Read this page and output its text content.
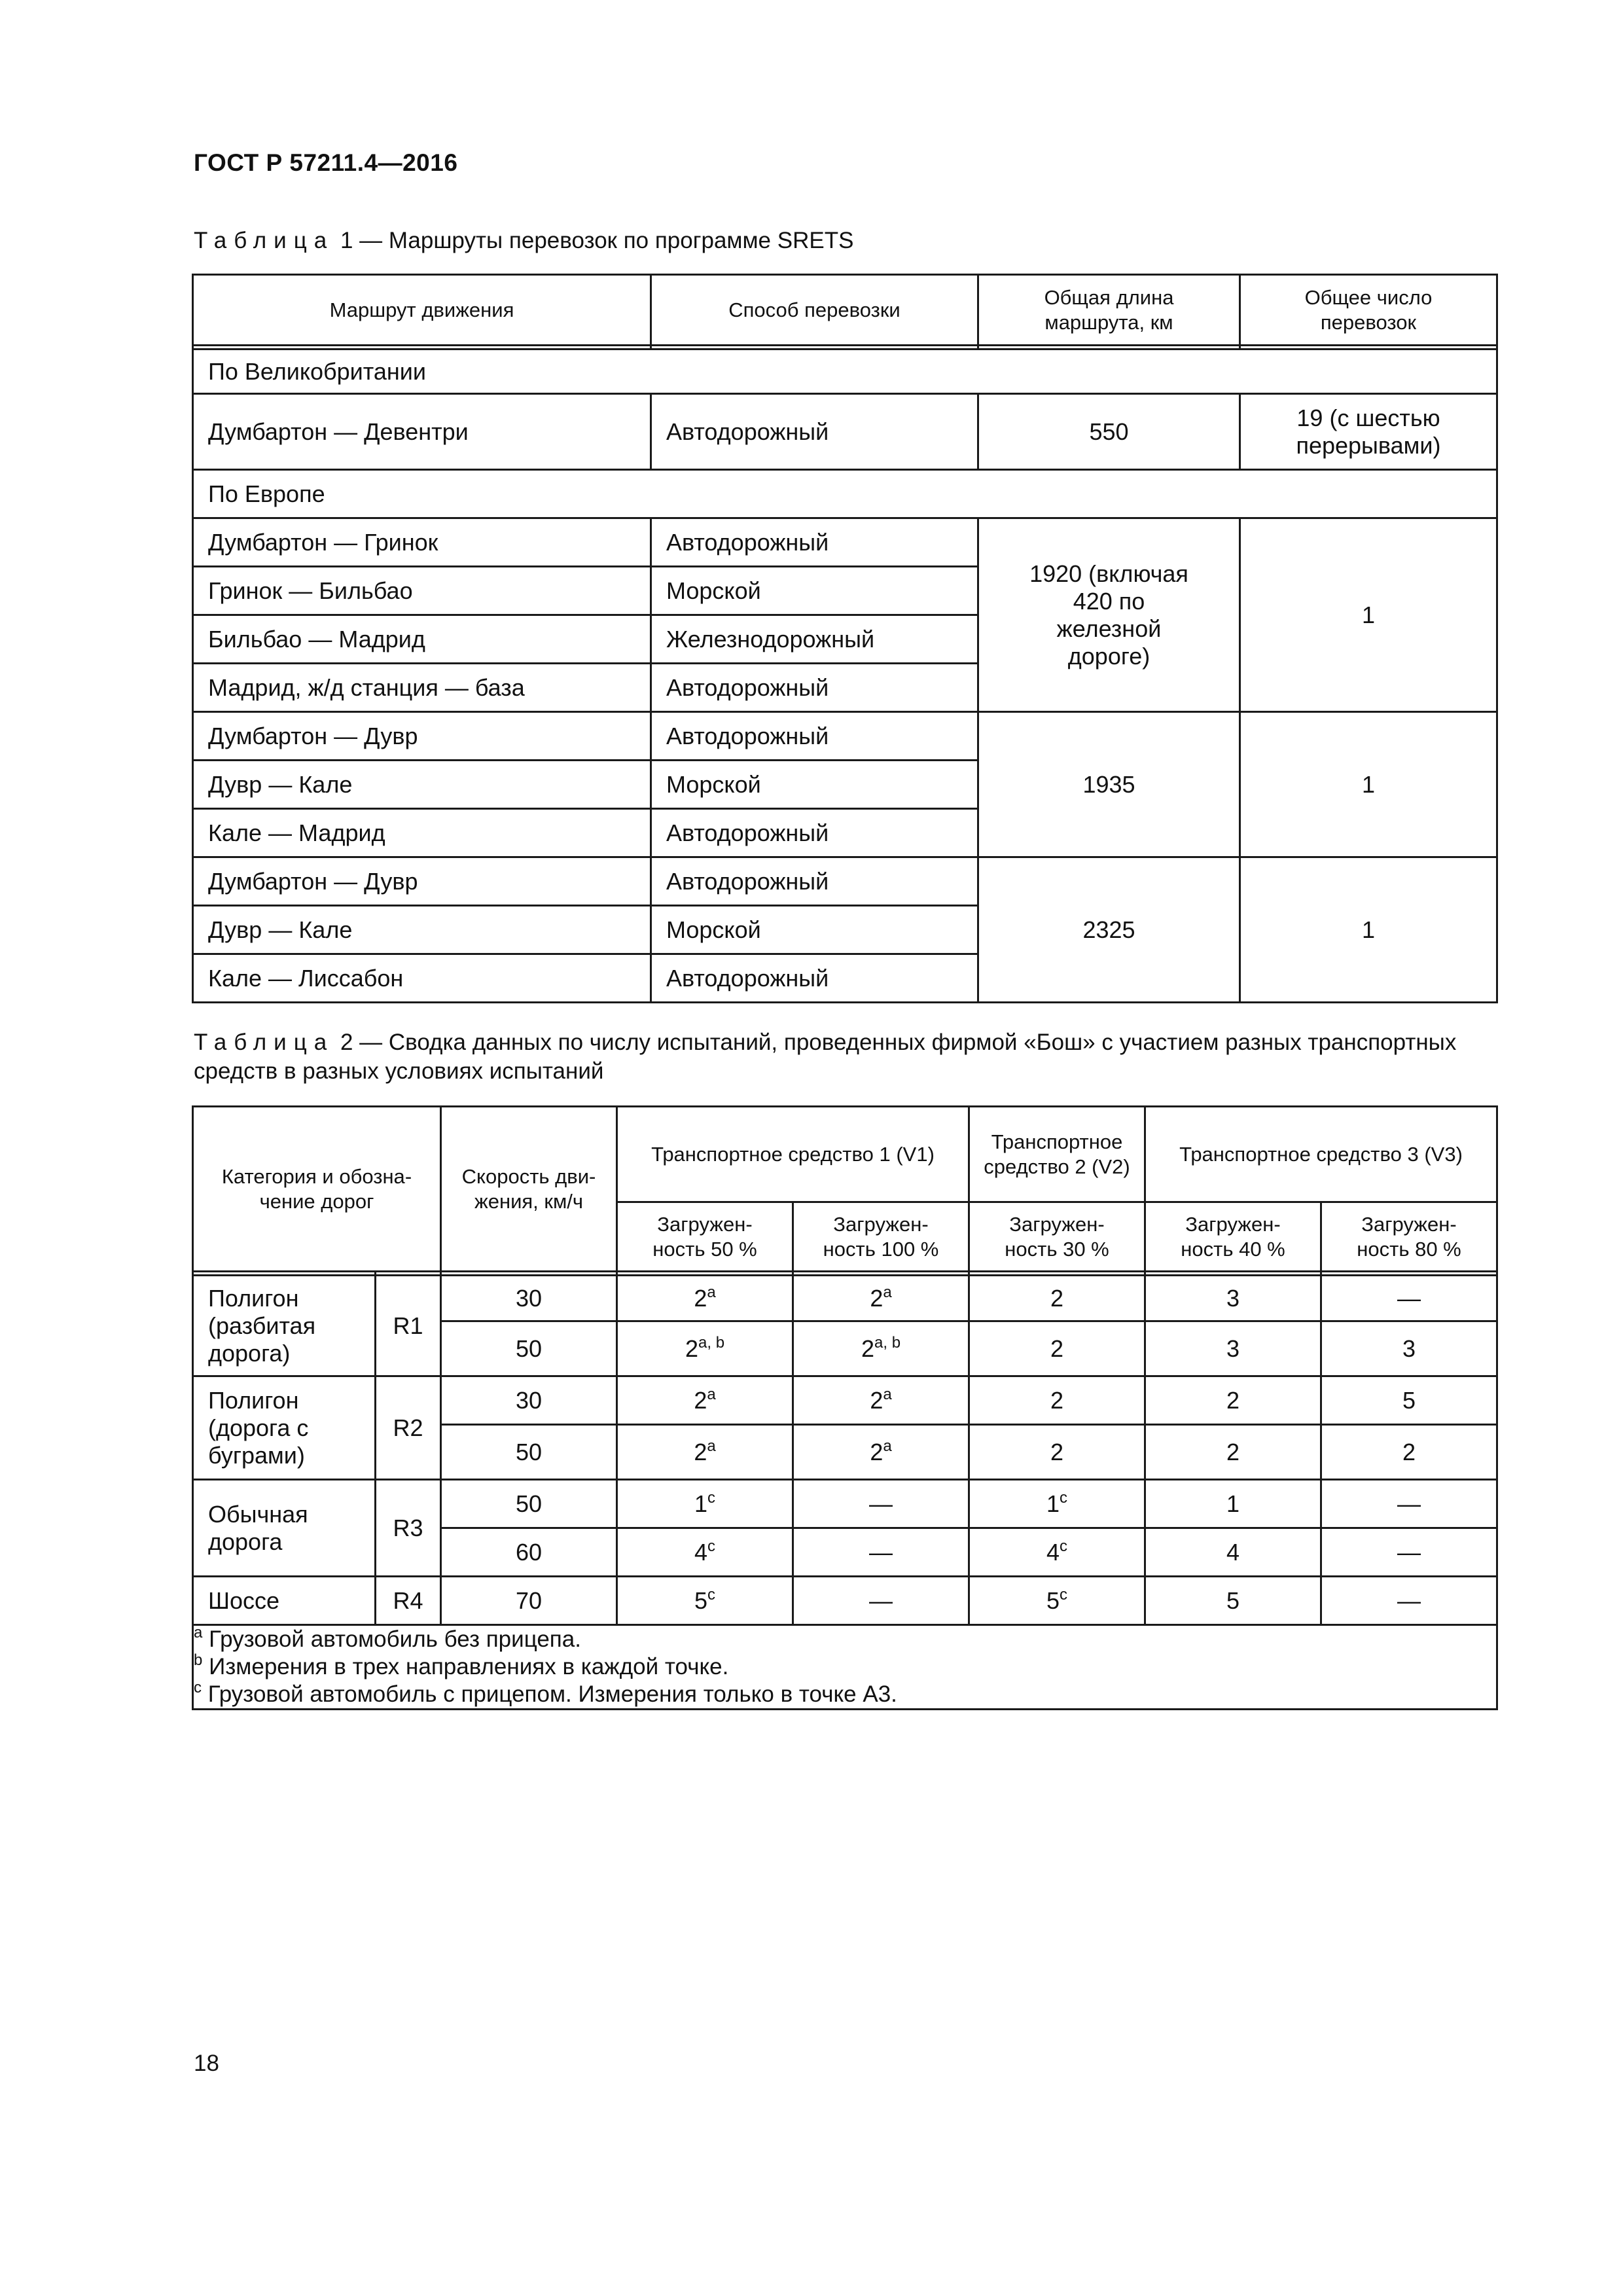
ГОСТ Р 57211.4—2016
Таблица 1 — Маршруты перевозок по программе SRETS
Маршрут движения	Способ перевозки	Общая длина маршрута, км	Общее число перевозок

По Великобритании			
Думбартон — Девентри	Автодорожный	550	19 (с шестью перерывами)
По Европе			
Думбартон — Гринок	Автодорожный	1920 (включая 420 по железной дороге)	1
Гринок — Бильбао	Морской		
Бильбао — Мадрид	Железнодорожный		
Мадрид, ж/д станция — база	Автодорожный		
Думбартон — Дувр	Автодорожный	1935	1
Дувр — Кале	Морской		
Кале — Мадрид	Автодорожный		
Думбартон — Дувр	Автодорожный	2325	1
Дувр — Кале	Морской		
Кале — Лиссабон	Автодорожный		
Таблица 2 — Сводка данных по числу испытаний, проведенных фирмой «Бош» с участием разных транспортных средств в разных условиях испытаний
Категория и обозначение дорог		Скорость движения, км/ч	Транспортное средство 1 (V1)		Транспортное средство 2 (V2)	Транспортное средство 3 (V3)	
			Загруженность 50 %	Загруженность 100 %	Загруженность 30 %	Загруженность 40 %	Загруженность 80 %

Полигон (разбитая дорога)	R1	30	2$^a$	2$^a$	2	3	—
		50	2$^{a, b}$	2$^{a, b}$	2	3	3
Полигон (дорога с буграми)	R2	30	2$^a$	2$^a$	2	2	5
		50	2$^a$	2$^a$	2	2	2
Обычная дорога	R3	50	1$^c$	—	1$^c$	1	—
		60	4$^c$	—	4$^c$	4	—
Шоссе	R4	70	5$^c$	—	5$^c$	5	—

$^a$ Грузовой автомобиль без прицепа.
$^b$ Измерения в трех направлениях в каждой точке.
$^c$ Грузовой автомобиль с прицепом. Измерения только в точке А3.							
18
